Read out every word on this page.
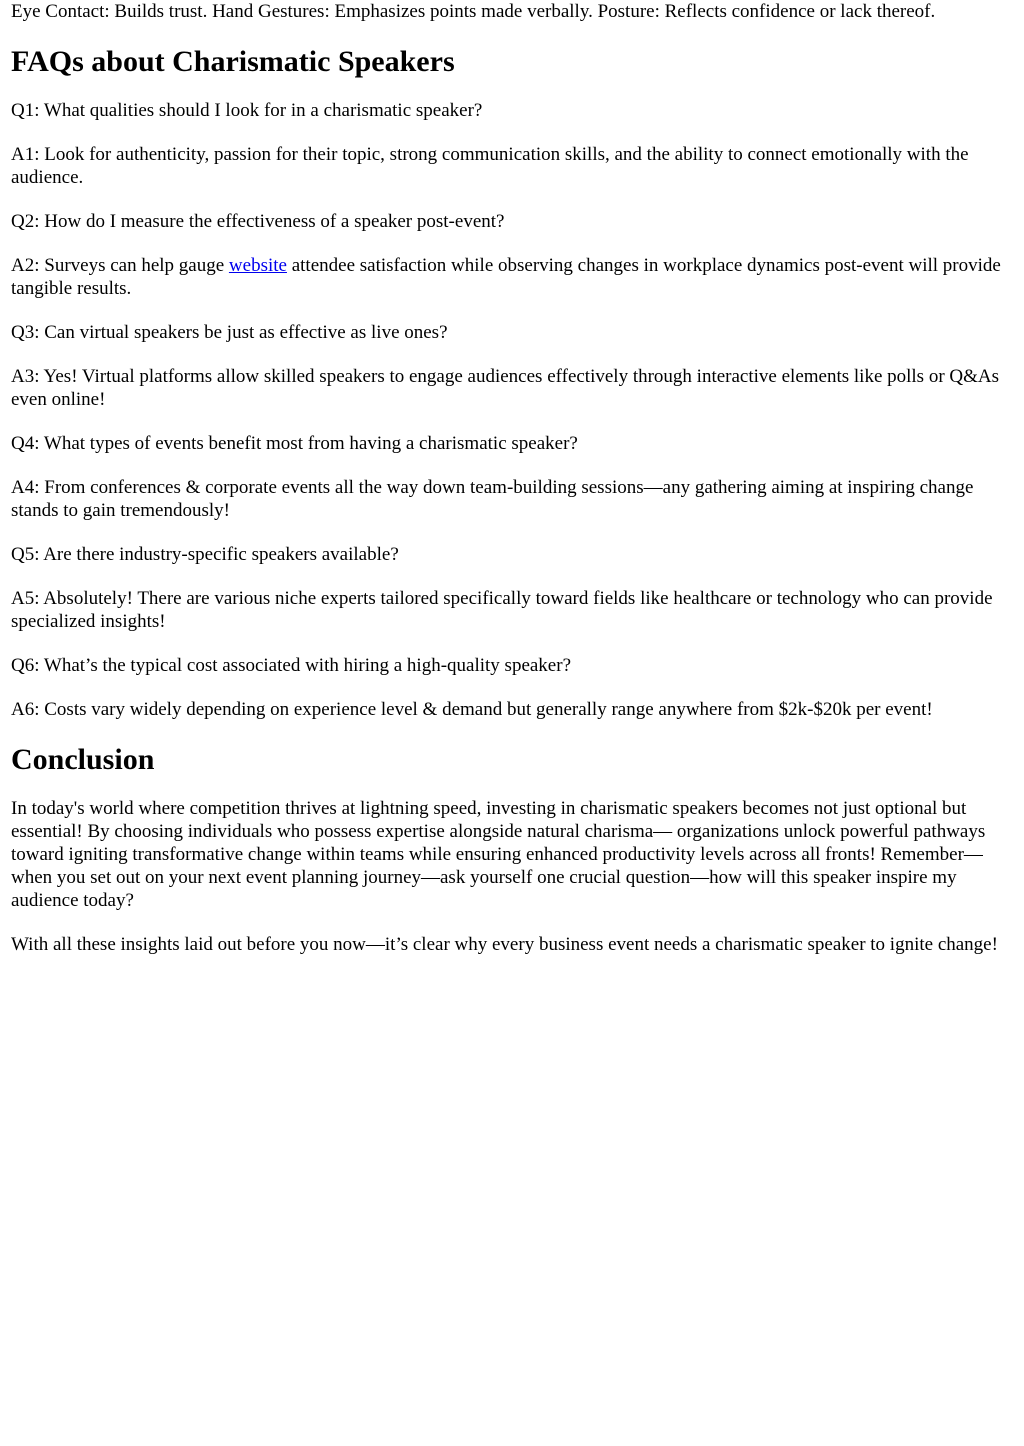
Eye Contact: Builds trust. Hand Gestures: Emphasizes points made verbally. Posture: Reflects confidence or lack thereof.

FAQs about Charismatic Speakers

Q1: What qualities should I look for in a charismatic speaker?

A1: Look for authenticity, passion for their topic, strong communication skills, and the ability to connect emotionally with the audience.

Q2: How do I measure the effectiveness of a speaker post-event?

A2: Surveys can help gauge website attendee satisfaction while observing changes in workplace dynamics post-event will provide tangible results.

Q3: Can virtual speakers be just as effective as live ones?

A3: Yes! Virtual platforms allow skilled speakers to engage audiences effectively through interactive elements like polls or Q&As even online!

Q4: What types of events benefit most from having a charismatic speaker?

A4: From conferences & corporate events all the way down team-building sessions—any gathering aiming at inspiring change stands to gain tremendously!

Q5: Are there industry-specific speakers available?

A5: Absolutely! There are various niche experts tailored specifically toward fields like healthcare or technology who can provide specialized insights!

Q6: What’s the typical cost associated with hiring a high-quality speaker?

A6: Costs vary widely depending on experience level & demand but generally range anywhere from $2k-$20k per event!

Conclusion

In today's world where competition thrives at lightning speed, investing in charismatic speakers becomes not just optional but essential! By choosing individuals who possess expertise alongside natural charisma— organizations unlock powerful pathways toward igniting transformative change within teams while ensuring enhanced productivity levels across all fronts! Remember—when you set out on your next event planning journey—ask yourself one crucial question—how will this speaker inspire my audience today?

With all these insights laid out before you now—it’s clear why every business event needs a charismatic speaker to ignite change!
